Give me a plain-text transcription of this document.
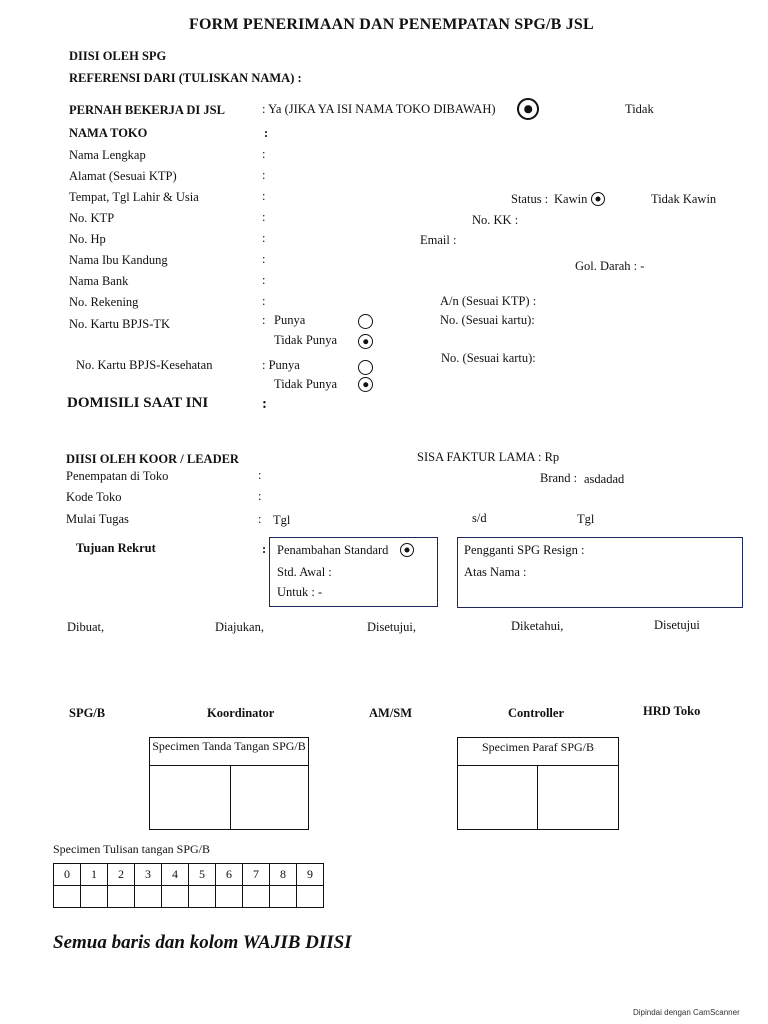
FORM PENERIMAAN DAN PENEMPATAN SPG/B JSL
DIISI OLEH SPG
REFERENSI DARI (TULISKAN NAMA) :
PERNAH BEKERJA DI JSL	: Ya (JIKA YA ISI NAMA TOKO DIBAWAH)	Tidak
NAMA TOKO	:
Nama Lengkap	:
Alamat (Sesuai KTP)	:
Tempat, Tgl Lahir & Usia	:	Status : Kawin	Tidak Kawin
No. KTP	:	No. KK :
No. Hp	:	Email :
Nama Ibu Kandung	:	Gol. Darah : -
Nama Bank	:
No. Rekening	:	A/n (Sesuai KTP) :
No. Kartu BPJS-TK	: Punya
Tidak Punya
No. (Sesuai kartu):
No. Kartu BPJS-Kesehatan	: Punya
Tidak Punya
No. (Sesuai kartu):
DOMISILI SAAT INI	:
DIISI OLEH KOOR / LEADER	SISA FAKTUR LAMA : Rp
Penempatan di Toko	:	Brand : asdadad
Kode Toko	:
Mulai Tugas	: Tgl	s/d	Tgl
Tujuan Rekrut	: Penambahan Standard
Std. Awal :
Untuk : -
Pengganti SPG Resign :
Atas Nama :
Dibuat,	Diajukan,	Disetujui,	Diketahui,	Disetujui
SPG/B	Koordinator	AM/SM	Controller	HRD Toko
Specimen Tanda Tangan SPG/B	Specimen Paraf SPG/B
Specimen Tulisan tangan SPG/B
0	1	2	3	4	5	6	7	8	9

Semua baris dan kolom WAJIB DIISI
Dipindai dengan CamScanner
